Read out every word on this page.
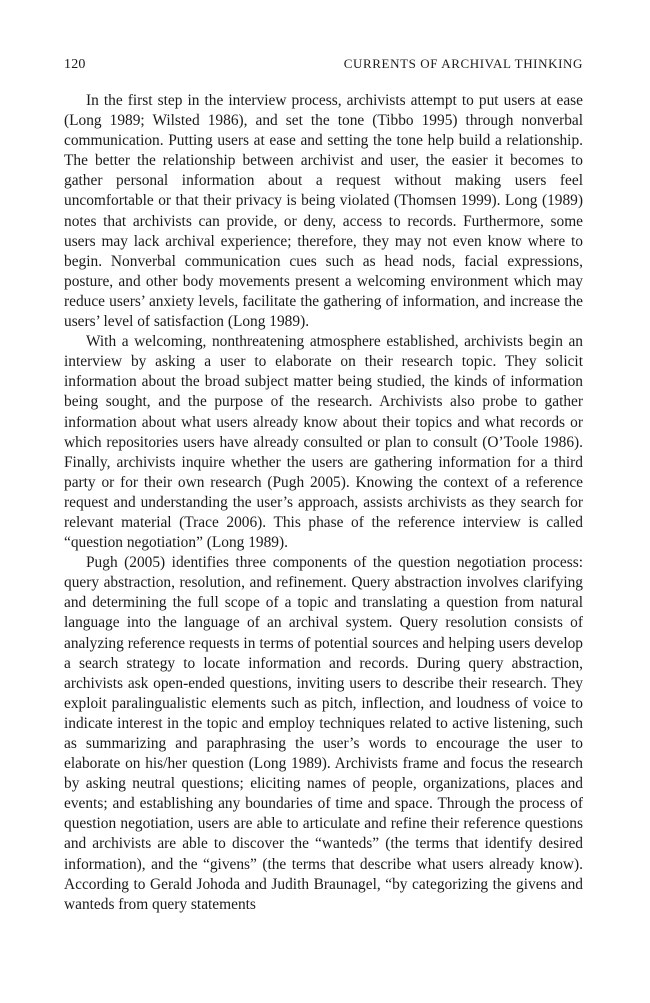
120	CURRENTS OF ARCHIVAL THINKING

In the first step in the interview process, archivists attempt to put users at ease (Long 1989; Wilsted 1986), and set the tone (Tibbo 1995) through nonverbal communication. Putting users at ease and setting the tone help build a relationship. The better the relationship between archivist and user, the easier it becomes to gather personal information about a request without making users feel uncomfortable or that their privacy is being violated (Thomsen 1999). Long (1989) notes that archivists can provide, or deny, access to records. Furthermore, some users may lack archival experience; therefore, they may not even know where to begin. Nonverbal communication cues such as head nods, facial expressions, posture, and other body movements present a welcoming environment which may reduce users’ anxiety levels, facilitate the gathering of information, and increase the users’ level of satisfaction (Long 1989).

With a welcoming, nonthreatening atmosphere established, archivists begin an interview by asking a user to elaborate on their research topic. They solicit information about the broad subject matter being studied, the kinds of information being sought, and the purpose of the research. Archivists also probe to gather information about what users already know about their topics and what records or which repositories users have already consulted or plan to consult (O’Toole 1986). Finally, archivists inquire whether the users are gathering information for a third party or for their own research (Pugh 2005). Knowing the context of a reference request and understanding the user’s approach, assists archivists as they search for relevant material (Trace 2006). This phase of the reference interview is called “question negotiation” (Long 1989).

Pugh (2005) identifies three components of the question negotiation process: query abstraction, resolution, and refinement. Query abstraction involves clarifying and determining the full scope of a topic and translating a question from natural language into the language of an archival system. Query resolution consists of analyzing reference requests in terms of potential sources and helping users develop a search strategy to locate information and records. During query abstraction, archivists ask open-ended questions, inviting users to describe their research. They exploit paralingualistic elements such as pitch, inflection, and loudness of voice to indicate interest in the topic and employ techniques related to active listening, such as summarizing and paraphrasing the user’s words to encourage the user to elaborate on his/her question (Long 1989). Archivists frame and focus the research by asking neutral questions; eliciting names of people, organizations, places and events; and establishing any boundaries of time and space. Through the process of question negotiation, users are able to articulate and refine their reference questions and archivists are able to discover the “wanteds” (the terms that identify desired information), and the “givens” (the terms that describe what users already know). According to Gerald Johoda and Judith Braunagel, “by categorizing the givens and wanteds from query statements
